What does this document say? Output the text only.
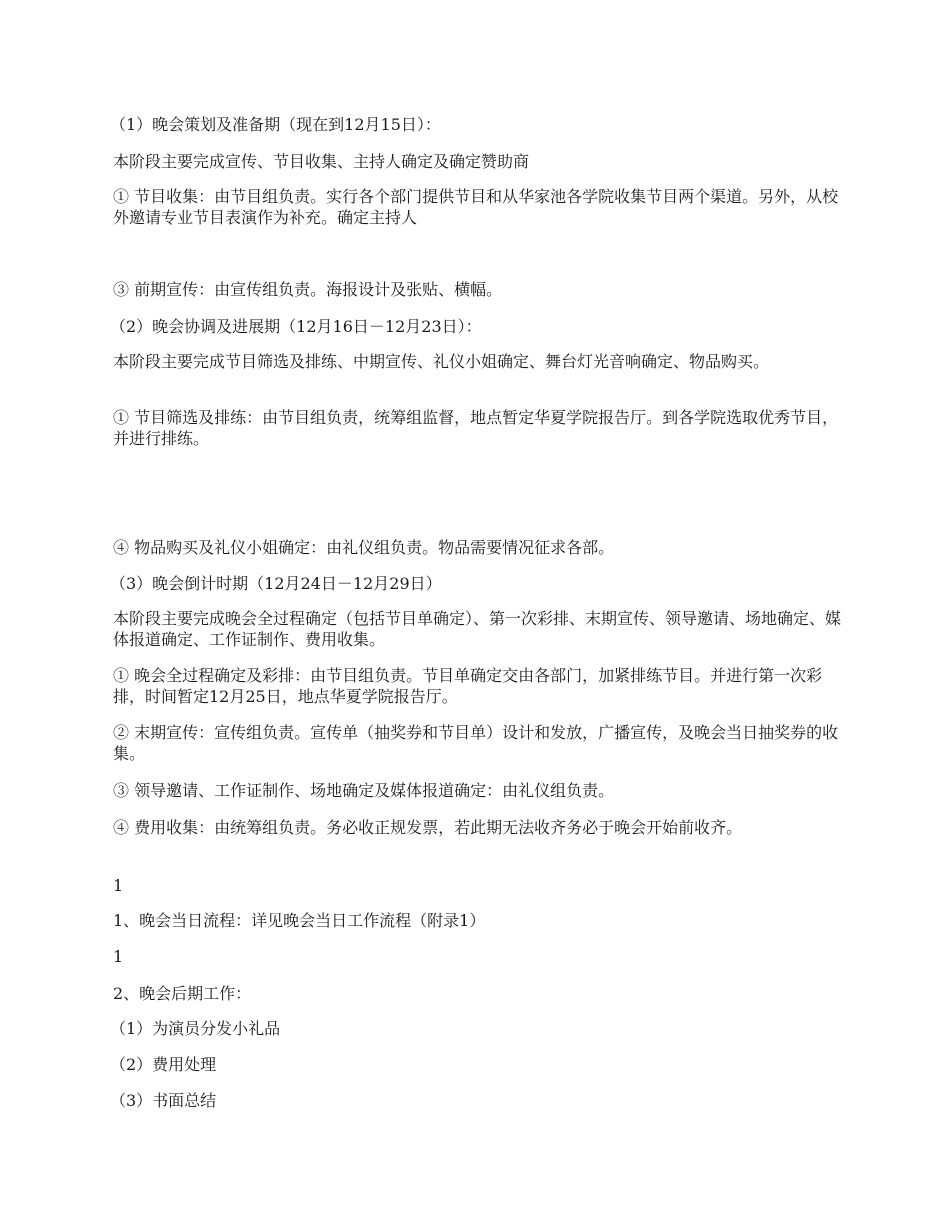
（1）晚会策划及准备期（现在到12月15日）：

本阶段主要完成宣传、节目收集、主持人确定及确定赞助商

① 节目收集：由节目组负责。实行各个部门提供节目和从华家池各学院收集节目两个渠道。另外，从校外邀请专业节目表演作为补充。确定主持人

③ 前期宣传：由宣传组负责。海报设计及张贴、横幅。

（2）晚会协调及进展期（12月16日－12月23日）：

本阶段主要完成节目筛选及排练、中期宣传、礼仪小姐确定、舞台灯光音响确定、物品购买。

① 节目筛选及排练：由节目组负责，统筹组监督，地点暂定华夏学院报告厅。到各学院选取优秀节目，并进行排练。

④ 物品购买及礼仪小姐确定：由礼仪组负责。物品需要情况征求各部。

（3）晚会倒计时期（12月24日－12月29日）

本阶段主要完成晚会全过程确定（包括节目单确定）、第一次彩排、末期宣传、领导邀请、场地确定、媒体报道确定、工作证制作、费用收集。

① 晚会全过程确定及彩排：由节目组负责。节目单确定交由各部门，加紧排练节目。并进行第一次彩排，时间暂定12月25日，地点华夏学院报告厅。

② 末期宣传：宣传组负责。宣传单（抽奖券和节目单）设计和发放，广播宣传，及晚会当日抽奖券的收集。

③ 领导邀请、工作证制作、场地确定及媒体报道确定：由礼仪组负责。

④ 费用收集：由统筹组负责。务必收正规发票，若此期无法收齐务必于晚会开始前收齐。

1

1、晚会当日流程：详见晚会当日工作流程（附录1）

1

2、晚会后期工作：

（1）为演员分发小礼品

（2）费用处理

（3）书面总结
